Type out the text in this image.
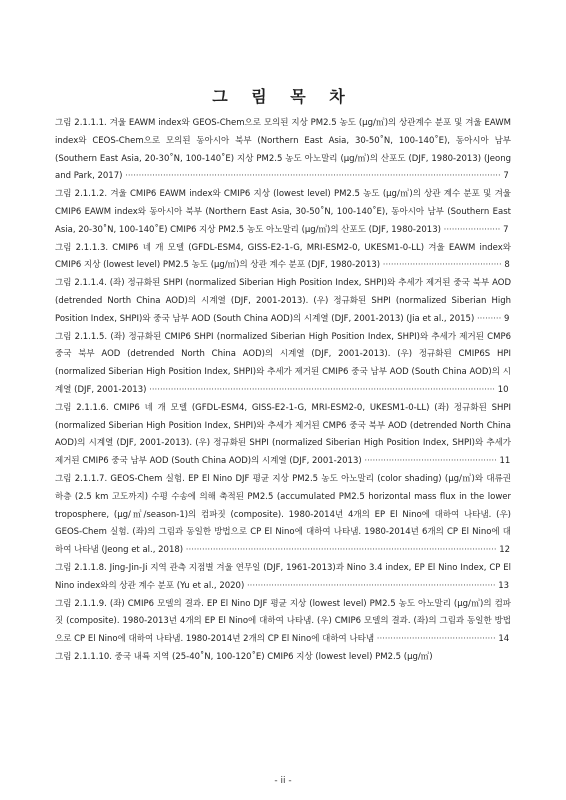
그 림 목 차
그림 2.1.1.1. 겨울 EAWM index와 GEOS-Chem으로 모의된 지상 PM2.5 농도 (μg/㎥)의 상관계수 분포 및 겨울 EAWM index와 CEOS-Chem으로 모의된 동아시아 북부 (Northern East Asia, 30-50˚N, 100-140˚E), 동아시아 남부 (Southern East Asia, 20-30˚N, 100-140˚E) 지상 PM2.5 농도 아노말리 (μg/㎥)의 산포도 (DJF, 1980-2013) (Jeong and Park, 2017) ··········································································································································· 7
그림 2.1.1.2. 겨울 CMIP6 EAWM index와 CMIP6 지상 (lowest level) PM2.5 농도 (μg/㎥)의 상관 계수 분포 및 겨울 CMIP6 EAWM index와 동아시아 북부 (Northern East Asia, 30-50˚N, 100-140˚E), 동아시아 남부 (Southern East Asia, 20-30˚N, 100-140˚E) CMIP6 지상 PM2.5 농도 아노말리 (μg/㎥)의 산포도 (DJF, 1980-2013) ····················· 7
그림 2.1.1.3. CMIP6 네 개 모델 (GFDL-ESM4, GISS-E2-1-G, MRI-ESM2-0, UKESM1-0-LL) 겨울 EAWM index와 CMIP6 지상 (lowest level) PM2.5 농도 (μg/㎥)의 상관 계수 분포 (DJF, 1980-2013) ············································ 8
그림 2.1.1.4. (좌) 정규화된 SHPI (normalized Siberian High Position Index, SHPI)와 추세가 제거된 중국 북부 AOD (detrended North China AOD)의 시계열 (DJF, 2001-2013). (우) 정규화된 SHPI (normalized Siberian High Position Index, SHPI)와 중국 남부 AOD (South China AOD)의 시계열 (DJF, 2001-2013) (Jia et al., 2015) ········· 9
그림 2.1.1.5. (좌) 정규화된 CMIP6 SHPI (normalized Siberian High Position Index, SHPI)와 추세가 제거된 CMP6 중국 북부 AOD (detrended North China AOD)의 시계열 (DJF, 2001-2013). (우) 정규화된 CMIP6S HPI (normalized Siberian High Position Index, SHPI)와 추세가 제거된 CMIP6 중국 남부 AOD (South China AOD)의 시계열 (DJF, 2001-2013) ································································································································ 10
그림 2.1.1.6. CMIP6 네 개 모델 (GFDL-ESM4, GISS-E2-1-G, MRI-ESM2-0, UKESM1-0-LL) (좌) 정규화된 SHPI (normalized Siberian High Position Index, SHPI)와 추세가 제거된 CMP6 중국 북부 AOD (detrended North China AOD)의 시계열 (DJF, 2001-2013). (우) 정규화된 SHPI (normalized Siberian High Position Index, SHPI)와 추세가 제거된 CMIP6 중국 남부 AOD (South China AOD)의 시계열 (DJF, 2001-2013) ················································· 11
그림 2.1.1.7. GEOS-Chem 실험. EP El Nino DJF 평균 지상 PM2.5 농도 아노말리 (color shading) (μg/㎥)와 대류권 하층 (2.5 km 고도까지) 수평 수송에 의해 축적된 PM2.5 (accumulated PM2.5 horizontal mass flux in the lower troposphere, (μg/㎥/season-1)의 컴파짓 (composite). 1980-2014년 4개의 EP El Nino에 대하여 나타냄. (우) GEOS-Chem 실험. (좌)의 그림과 동일한 방법으로 CP El Nino에 대하여 나타냄. 1980-2014년 6개의 CP El Nino에 대하여 나타냄 (Jeong et al., 2018) ··················································································································· 12
그림 2.1.1.8. Jing-Jin-Ji 지역 관측 지점별 겨울 연무일 (DJF, 1961-2013)과 Nino 3.4 index, EP El Nino Index, CP El Nino index와의 상관 계수 분포 (Yu et al., 2020) ···························································································· 13
그림 2.1.1.9. (좌) CMIP6 모델의 결과. EP El Nino DJF 평균 지상 (lowest level) PM2.5 농도 아노말리 (μg/㎥)의 컴파짓 (composite). 1980-2013년 4개의 EP El Nino에 대하여 나타냄. (우) CMIP6 모델의 결과. (좌)의 그림과 동일한 방법으로 CP El Nino에 대하여 나타냄. 1980-2014년 2개의 CP El Nino에 대하여 나타냄 ············································ 14
그림 2.1.1.10. 중국 내륙 지역 (25-40˚N, 100-120˚E) CMIP6 지상 (lowest level) PM2.5 (μg/㎥)
- ii -
